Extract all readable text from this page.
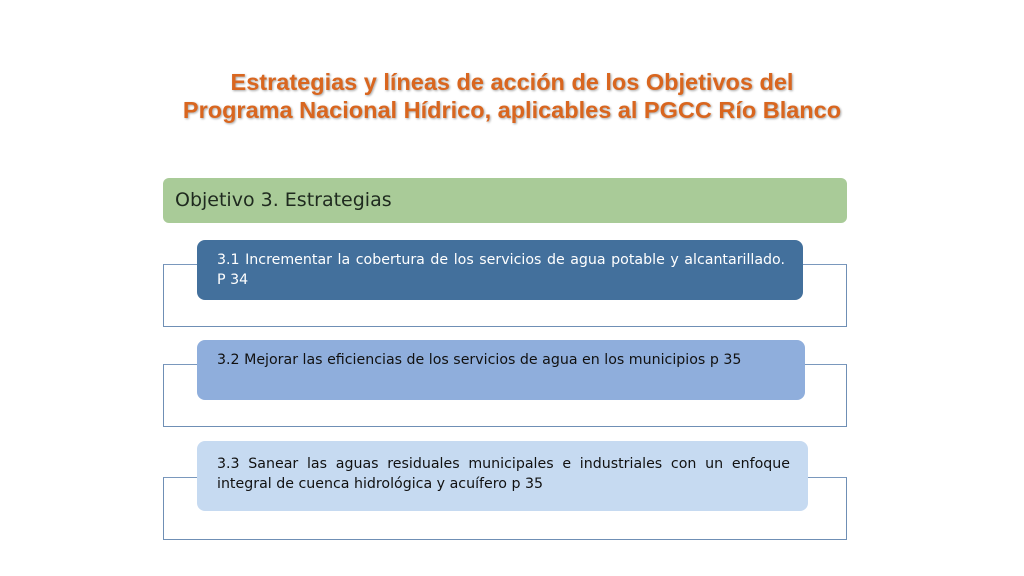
Estrategias y líneas de acción de los Objetivos del Programa Nacional Hídrico, aplicables al PGCC Río Blanco
Objetivo 3. Estrategias
3.1 Incrementar la cobertura de los servicios de agua potable y alcantarillado. P 34
3.2 Mejorar las eficiencias de los servicios de agua en los municipios p 35
3.3 Sanear las aguas residuales municipales e industriales con un enfoque integral de cuenca hidrológica y acuífero p 35
